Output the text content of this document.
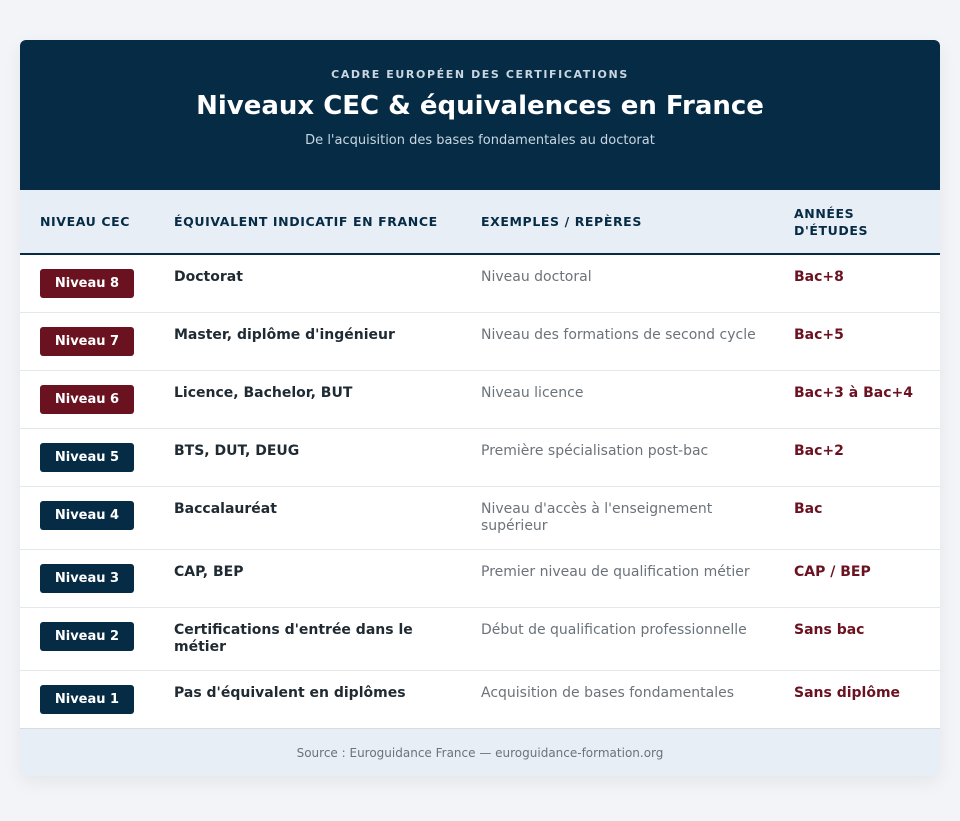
CADRE EUROPÉEN DES CERTIFICATIONS
Niveaux CEC & équivalences en France
De l'acquisition des bases fondamentales au doctorat
NIVEAU CEC	ÉQUIVALENT INDICATIF EN FRANCE	EXEMPLES / REPÈRES	ANNÉES D'ÉTUDES
Niveau 8	Doctorat	Niveau doctoral	Bac+8
Niveau 7	Master, diplôme d'ingénieur	Niveau des formations de second cycle	Bac+5
Niveau 6	Licence, Bachelor, BUT	Niveau licence	Bac+3 à Bac+4
Niveau 5	BTS, DUT, DEUG	Première spécialisation post-bac	Bac+2
Niveau 4	Baccalauréat	Niveau d'accès à l'enseignement supérieur	Bac
Niveau 3	CAP, BEP	Premier niveau de qualification métier	CAP / BEP
Niveau 2	Certifications d'entrée dans le métier	Début de qualification professionnelle	Sans bac
Niveau 1	Pas d'équivalent en diplômes	Acquisition de bases fondamentales	Sans diplôme
Source : Euroguidance France — euroguidance-formation.org
